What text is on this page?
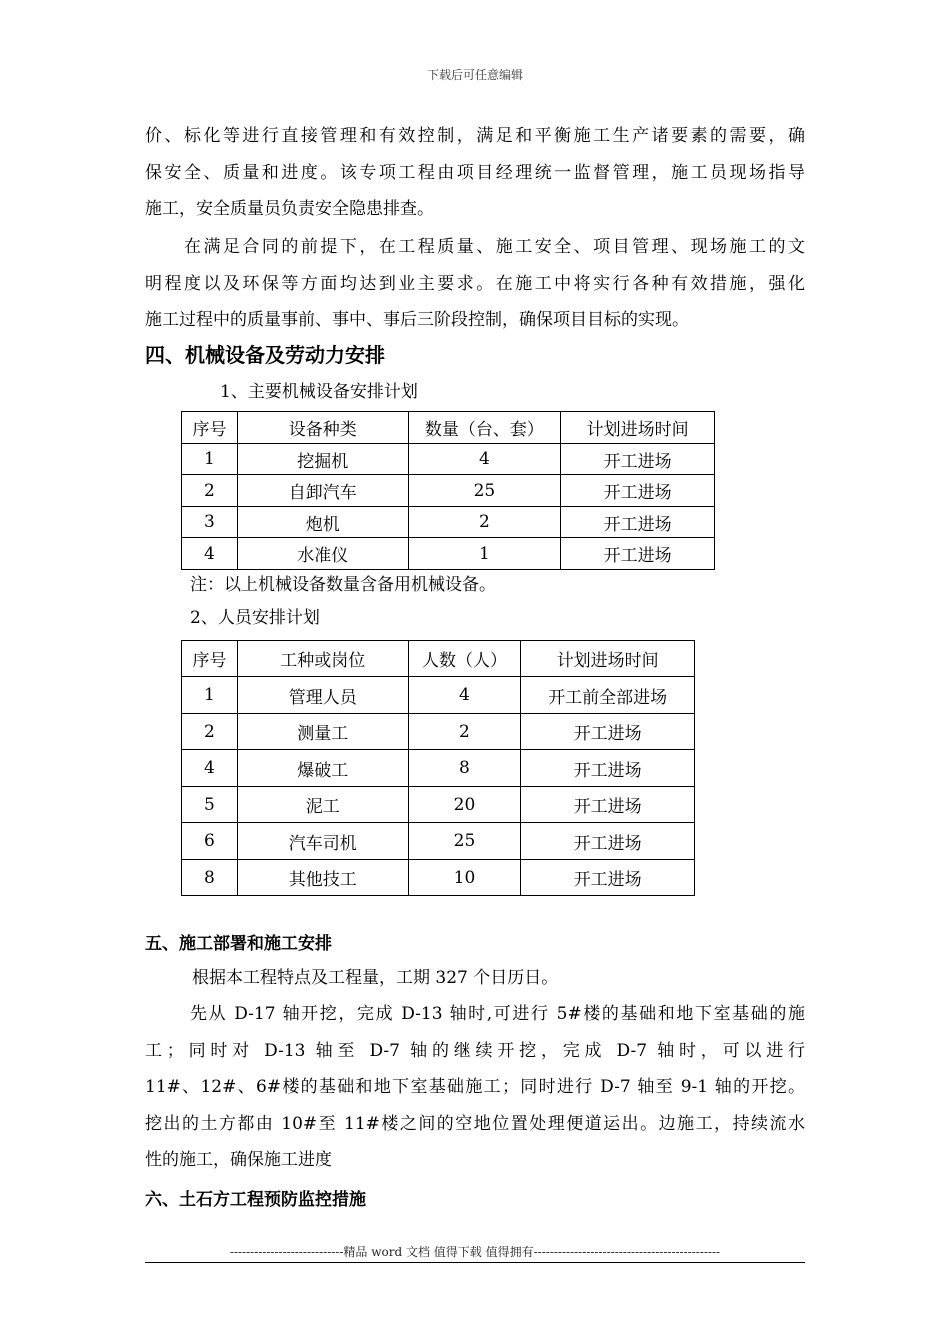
下载后可任意编辑
价、标化等进行直接管理和有效控制，满足和平衡施工生产诸要素的需要，确
保安全、质量和进度。该专项工程由项目经理统一监督管理，施工员现场指导
施工，安全质量员负责安全隐患排查。
　　在满足合同的前提下，在工程质量、施工安全、项目管理、现场施工的文
明程度以及环保等方面均达到业主要求。在施工中将实行各种有效措施，强化
施工过程中的质量事前、事中、事后三阶段控制，确保项目目标的实现。
四、机械设备及劳动力安排
1、主要机械设备安排计划
序号	设备种类	数量（台、套）	计划进场时间
1	挖掘机	4	开工进场
2	自卸汽车	25	开工进场
3	炮机	2	开工进场
4	水准仪	1	开工进场
注：以上机械设备数量含备用机械设备。
2、人员安排计划
序号	工种或岗位	人数（人）	计划进场时间
1	管理人员	4	开工前全部进场
2	测量工	2	开工进场
4	爆破工	8	开工进场
5	泥工	20	开工进场
6	汽车司机	25	开工进场
8	其他技工	10	开工进场
五、施工部署和施工安排
根据本工程特点及工程量，工期 327 个日历日。
先从 D-17 轴开挖，完成 D-13 轴时,可进行 5#楼的基础和地下室基础的施
工；同时对 D-13 轴至 D-7 轴的继续开挖，完成 D-7 轴时，可以进行
11#、12#、6#楼的基础和地下室基础施工；同时进行 D-7 轴至 9-1 轴的开挖。
挖出的土方都由 10#至 11#楼之间的空地位置处理便道运出。边施工，持续流水
性的施工，确保施工进度
六、土石方工程预防监控措施
----------------------------精品 word 文档 值得下载 值得拥有----------------------------------------------
